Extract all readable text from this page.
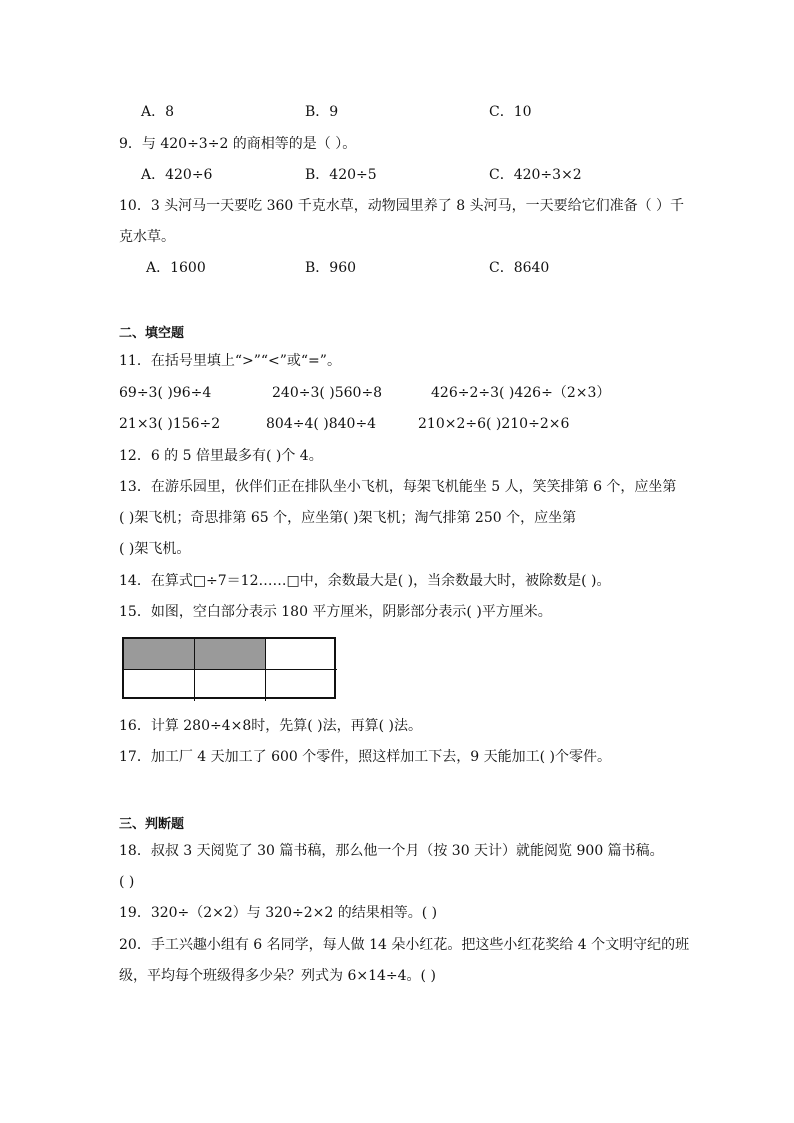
A．8	B．9	C．10
9．与 420÷3÷2 的商相等的是（ ）。
A．420÷6	B．420÷5	C．420÷3×2
10．3 头河马一天要吃 360 千克水草，动物园里养了 8 头河马，一天要给它们准备（ ）千
克水草。
A．1600	B．960	C．8640
二、填空题
11．在括号里填上“>”“<”或“=”。
69÷3( )96÷4	240÷3( )560÷8	426÷2÷3( )426÷（2×3）
21×3( )156÷2	804÷4( )840÷4	210×2÷6( )210÷2×6
12．6 的 5 倍里最多有( )个 4。
13．在游乐园里，伙伴们正在排队坐小飞机，每架飞机能坐 5 人，笑笑排第 6 个，应坐第
( )架飞机；奇思排第 65 个，应坐第( )架飞机；淘气排第 250 个，应坐第
( )架飞机。
14．在算式□÷7＝12……□中，余数最大是( )，当余数最大时，被除数是( )。
15．如图，空白部分表示 180 平方厘米，阴影部分表示( )平方厘米。
16．计算 280÷4×8时，先算( )法，再算( )法。
17．加工厂 4 天加工了 600 个零件，照这样加工下去，9 天能加工( )个零件。
三、判断题
18．叔叔 3 天阅览了 30 篇书稿，那么他一个月（按 30 天计）就能阅览 900 篇书稿。
( )
19．320÷（2×2）与 320÷2×2 的结果相等。( )
20．手工兴趣小组有 6 名同学，每人做 14 朵小红花。把这些小红花奖给 4 个文明守纪的班
级，平均每个班级得多少朵？列式为 6×14÷4。( )
